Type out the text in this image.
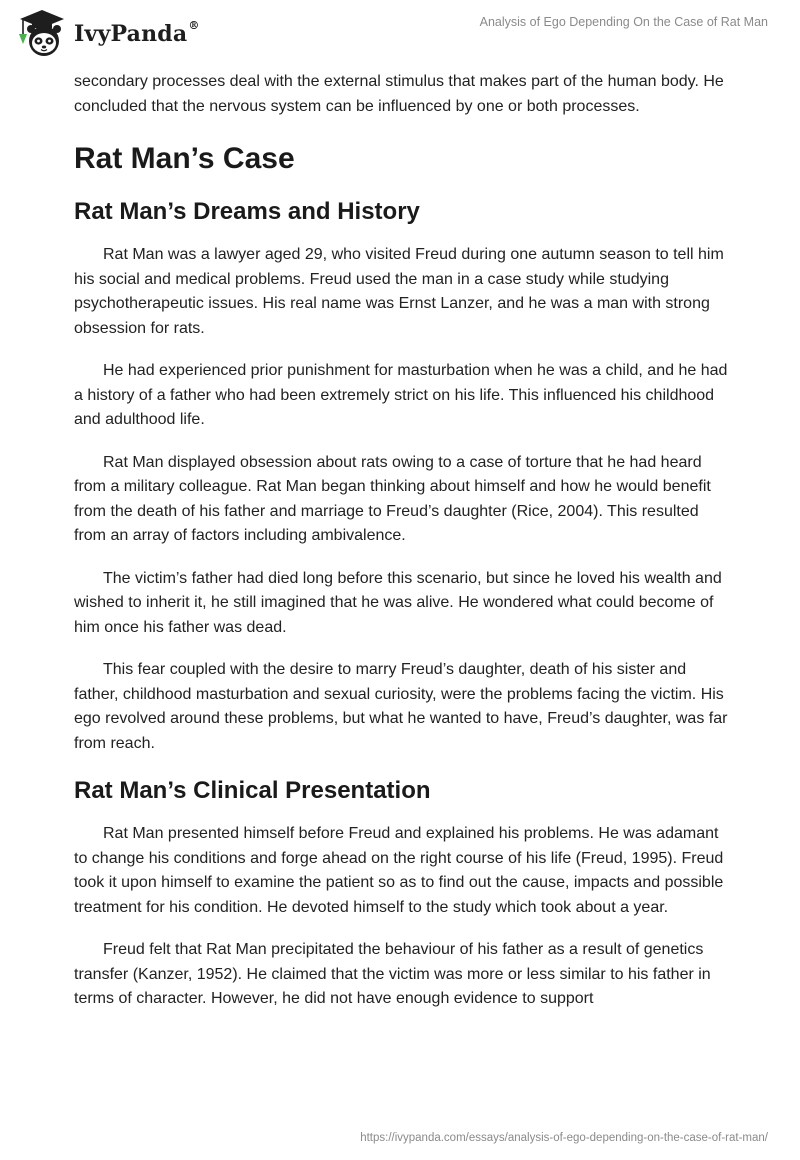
IvyPanda®	Analysis of Ego Depending On the Case of Rat Man

secondary processes deal with the external stimulus that makes part of the human body. He concluded that the nervous system can be influenced by one or both processes.

Rat Man’s Case
Rat Man’s Dreams and History

Rat Man was a lawyer aged 29, who visited Freud during one autumn season to tell him his social and medical problems. Freud used the man in a case study while studying psychotherapeutic issues. His real name was Ernst Lanzer, and he was a man with strong obsession for rats.

He had experienced prior punishment for masturbation when he was a child, and he had a history of a father who had been extremely strict on his life. This influenced his childhood and adulthood life.

Rat Man displayed obsession about rats owing to a case of torture that he had heard from a military colleague. Rat Man began thinking about himself and how he would benefit from the death of his father and marriage to Freud’s daughter (Rice, 2004). This resulted from an array of factors including ambivalence.

The victim’s father had died long before this scenario, but since he loved his wealth and wished to inherit it, he still imagined that he was alive. He wondered what could become of him once his father was dead.

This fear coupled with the desire to marry Freud’s daughter, death of his sister and father, childhood masturbation and sexual curiosity, were the problems facing the victim. His ego revolved around these problems, but what he wanted to have, Freud’s daughter, was far from reach.

Rat Man’s Clinical Presentation

Rat Man presented himself before Freud and explained his problems. He was adamant to change his conditions and forge ahead on the right course of his life (Freud, 1995). Freud took it upon himself to examine the patient so as to find out the cause, impacts and possible treatment for his condition. He devoted himself to the study which took about a year.

Freud felt that Rat Man precipitated the behaviour of his father as a result of genetics transfer (Kanzer, 1952). He claimed that the victim was more or less similar to his father in terms of character. However, he did not have enough evidence to support

https://ivypanda.com/essays/analysis-of-ego-depending-on-the-case-of-rat-man/
